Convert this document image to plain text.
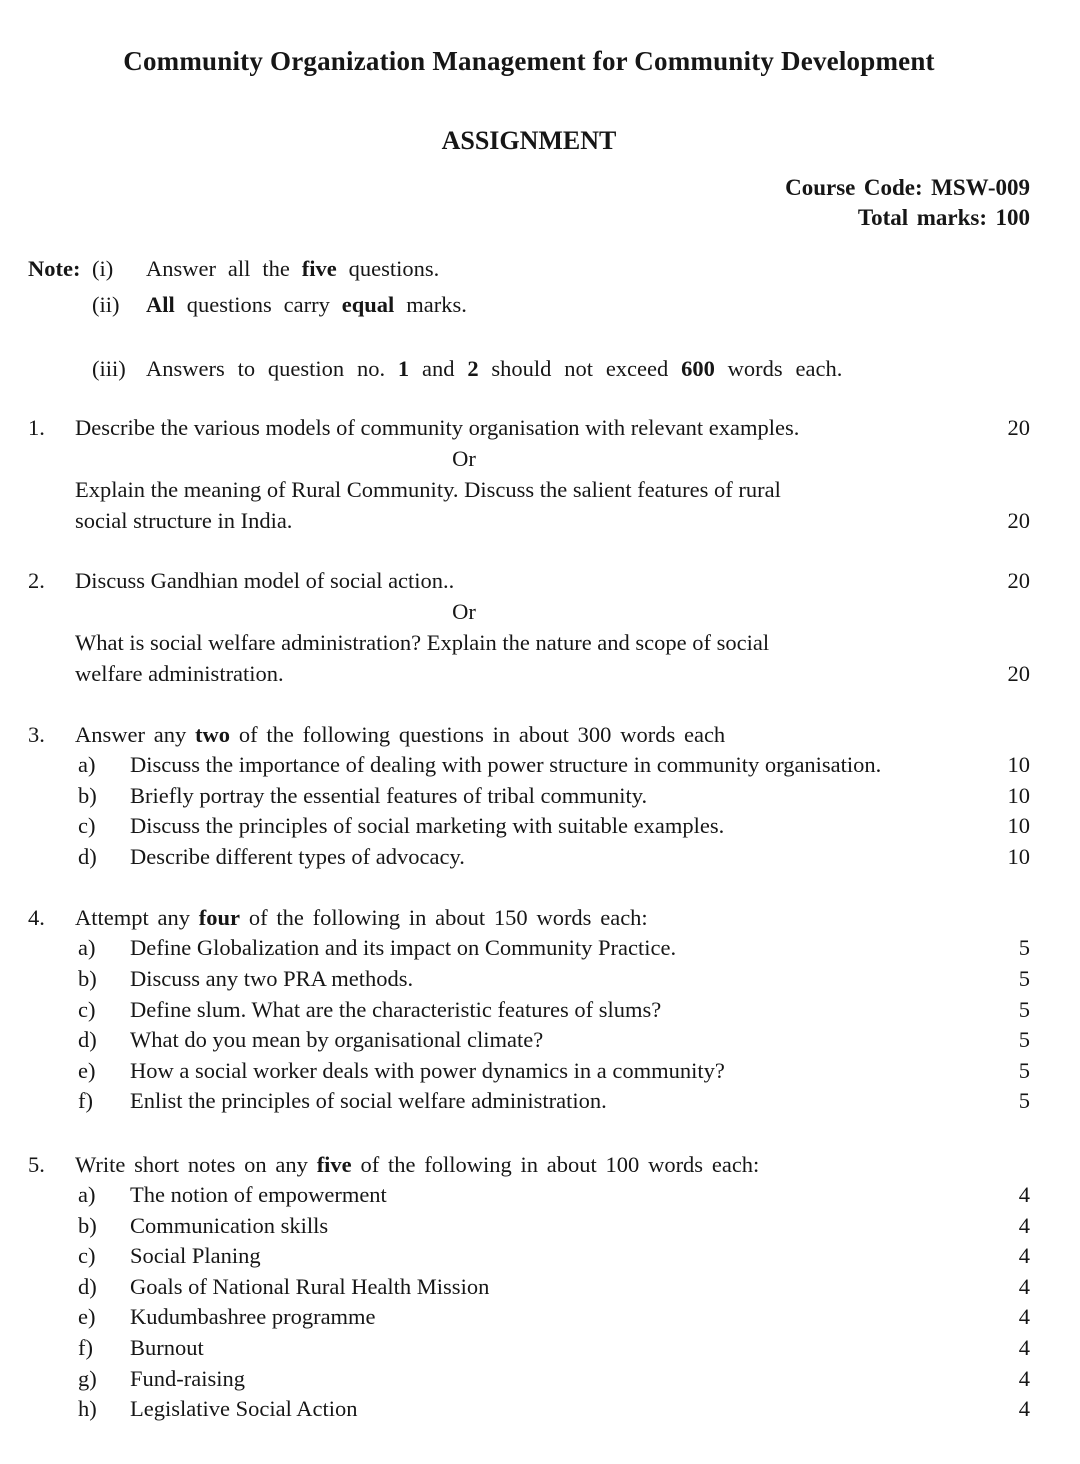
Community Organization Management for Community Development
ASSIGNMENT
Course Code: MSW-009
Total marks: 100
Note: (i)	Answer all the five questions.
(ii)	All questions carry equal marks.
(iii) Answers to question no. 1 and 2 should not exceed 600 words each.
1.	Describe the various models of community organisation with relevant examples.	20
Or
Explain the meaning of Rural Community. Discuss the salient features of rural
social structure in India.	20
2.	Discuss Gandhian model of social action..	20
Or
What is social welfare administration? Explain the nature and scope of social
welfare administration.	20
3.	Answer any two of the following questions in about 300 words each
a)	Discuss the importance of dealing with power structure in community organisation.	10
b)	Briefly portray the essential features of tribal community.	10
c)	Discuss the principles of social marketing with suitable examples.	10
d)	Describe different types of advocacy.	10
4.	Attempt any four of the following in about 150 words each:
a)	Define Globalization and its impact on Community Practice.	5
b)	Discuss any two PRA methods.	5
c)	Define slum. What are the characteristic features of slums?	5
d)	What do you mean by organisational climate?	5
e)	How a social worker deals with power dynamics in a community?	5
f)	Enlist the principles of social welfare administration.	5
5.	Write short notes on any five of the following in about 100 words each:
a)	The notion of empowerment	4
b)	Communication skills	4
c)	Social Planing	4
d)	Goals of National Rural Health Mission	4
e)	Kudumbashree programme	4
f)	Burnout	4
g)	Fund-raising	4
h)	Legislative Social Action	4
